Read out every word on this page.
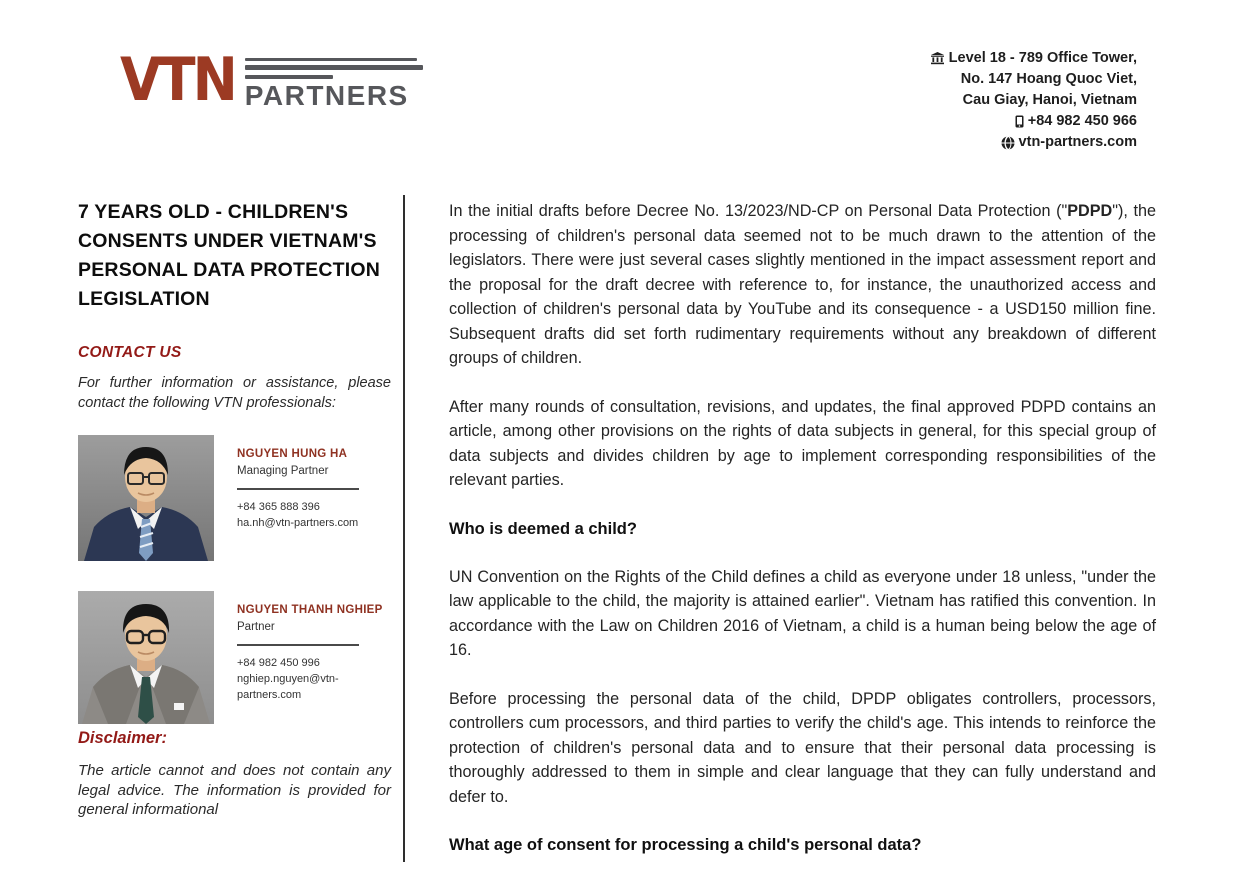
VTN PARTNERS
Level 18 - 789 Office Tower,
No. 147 Hoang Quoc Viet,
Cau Giay, Hanoi, Vietnam
+84 982 450 966
vtn-partners.com
7 YEARS OLD - CHILDREN'S CONSENTS UNDER VIETNAM'S PERSONAL DATA PROTECTION LEGISLATION
CONTACT US

For further information or assistance, please contact the following VTN professionals:

NGUYEN HUNG HA
Managing Partner
+84 365 888 396
ha.nh@vtn-partners.com
NGUYEN THANH NGHIEP
Partner
+84 982 450 996
nghiep.nguyen@vtn-partners.com
Disclaimer:

The article cannot and does not contain any legal advice. The information is provided for general informational

In the initial drafts before Decree No. 13/2023/ND-CP on Personal Data Protection ("PDPD"), the processing of children's personal data seemed not to be much drawn to the attention of the legislators. There were just several cases slightly mentioned in the impact assessment report and the proposal for the draft decree with reference to, for instance, the unauthorized access and collection of children's personal data by YouTube and its consequence - a USD150 million fine. Subsequent drafts did set forth rudimentary requirements without any breakdown of different groups of children.

After many rounds of consultation, revisions, and updates, the final approved PDPD contains an article, among other provisions on the rights of data subjects in general, for this special group of data subjects and divides children by age to implement corresponding responsibilities of the relevant parties.

Who is deemed a child?

UN Convention on the Rights of the Child defines a child as everyone under 18 unless, "under the law applicable to the child, the majority is attained earlier". Vietnam has ratified this convention. In accordance with the Law on Children 2016 of Vietnam, a child is a human being below the age of 16.

Before processing the personal data of the child, DPDP obligates controllers, processors, controllers cum processors, and third parties to verify the child's age. This intends to reinforce the protection of children's personal data and to ensure that their personal data processing is thoroughly addressed to them in simple and clear language that they can fully understand and defer to.

What age of consent for processing a child's personal data?
